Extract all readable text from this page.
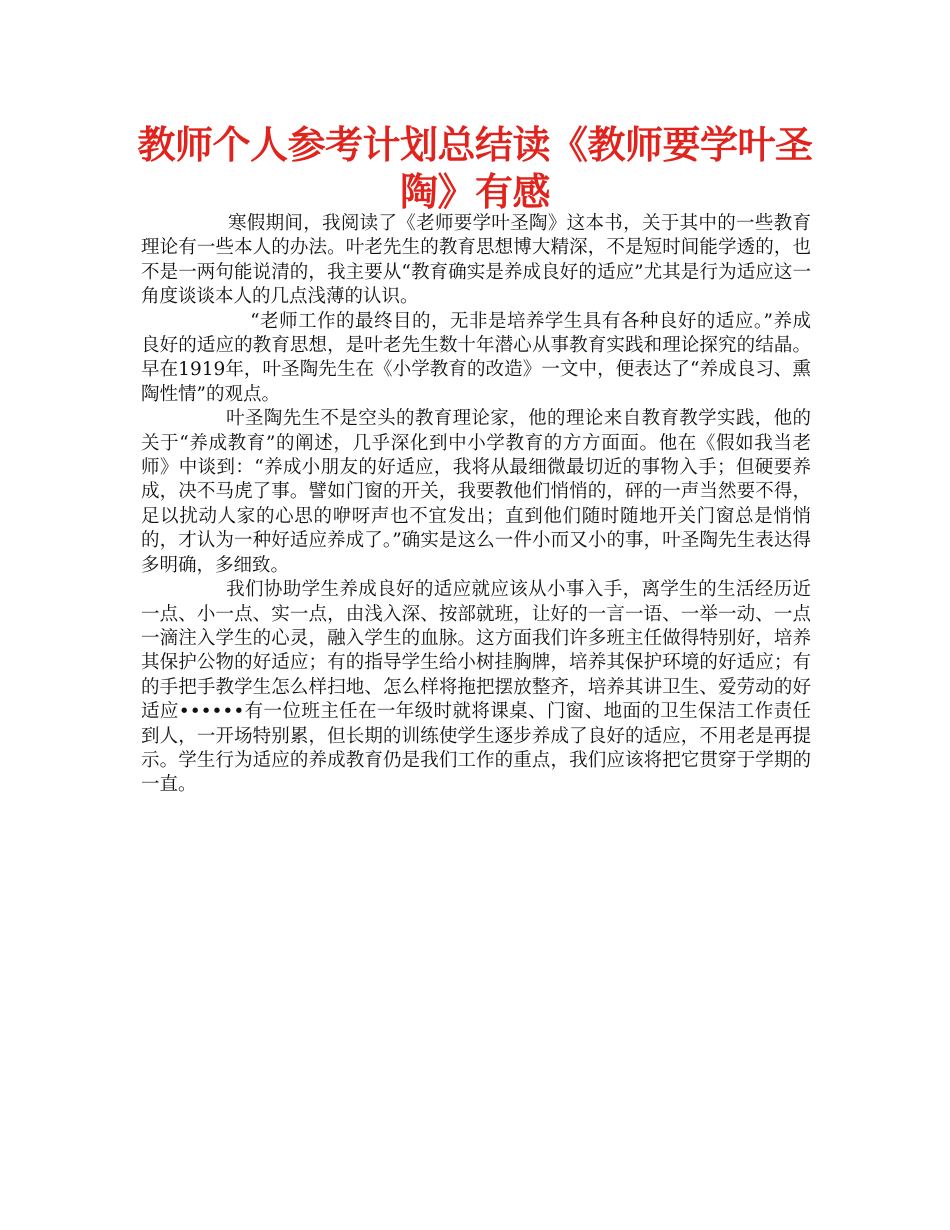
教师个人参考计划总结读《教师要学叶圣陶》有感

寒假期间，我阅读了《老师要学叶圣陶》这本书，关于其中的一些教育理论有一些本人的办法。叶老先生的教育思想博大精深，不是短时间能学透的，也不是一两句能说清的，我主要从“教育确实是养成良好的适应”尤其是行为适应这一角度谈谈本人的几点浅薄的认识。

“老师工作的最终目的，无非是培养学生具有各种良好的适应。”养成良好的适应的教育思想，是叶老先生数十年潜心从事教育实践和理论探究的结晶。早在1919年，叶圣陶先生在《小学教育的改造》一文中，便表达了“养成良习、熏陶性情”的观点。

叶圣陶先生不是空头的教育理论家，他的理论来自教育教学实践，他的关于“养成教育”的阐述，几乎深化到中小学教育的方方面面。他在《假如我当老师》中谈到：“养成小朋友的好适应，我将从最细微最切近的事物入手；但硬要养成，决不马虎了事。譬如门窗的开关，我要教他们悄悄的，砰的一声当然要不得，足以扰动人家的心思的咿呀声也不宜发出；直到他们随时随地开关门窗总是悄悄的，才认为一种好适应养成了。”确实是这么一件小而又小的事，叶圣陶先生表达得多明确，多细致。

我们协助学生养成良好的适应就应该从小事入手，离学生的生活经历近一点、小一点、实一点，由浅入深、按部就班，让好的一言一语、一举一动、一点一滴注入学生的心灵，融入学生的血脉。这方面我们许多班主任做得特别好，培养其保护公物的好适应；有的指导学生给小树挂胸牌，培养其保护环境的好适应；有的手把手教学生怎么样扫地、怎么样将拖把摆放整齐，培养其讲卫生、爱劳动的好适应••••••有一位班主任在一年级时就将课桌、门窗、地面的卫生保洁工作责任到人，一开场特别累，但长期的训练使学生逐步养成了良好的适应，不用老是再提示。学生行为适应的养成教育仍是我们工作的重点，我们应该将把它贯穿于学期的一直。
